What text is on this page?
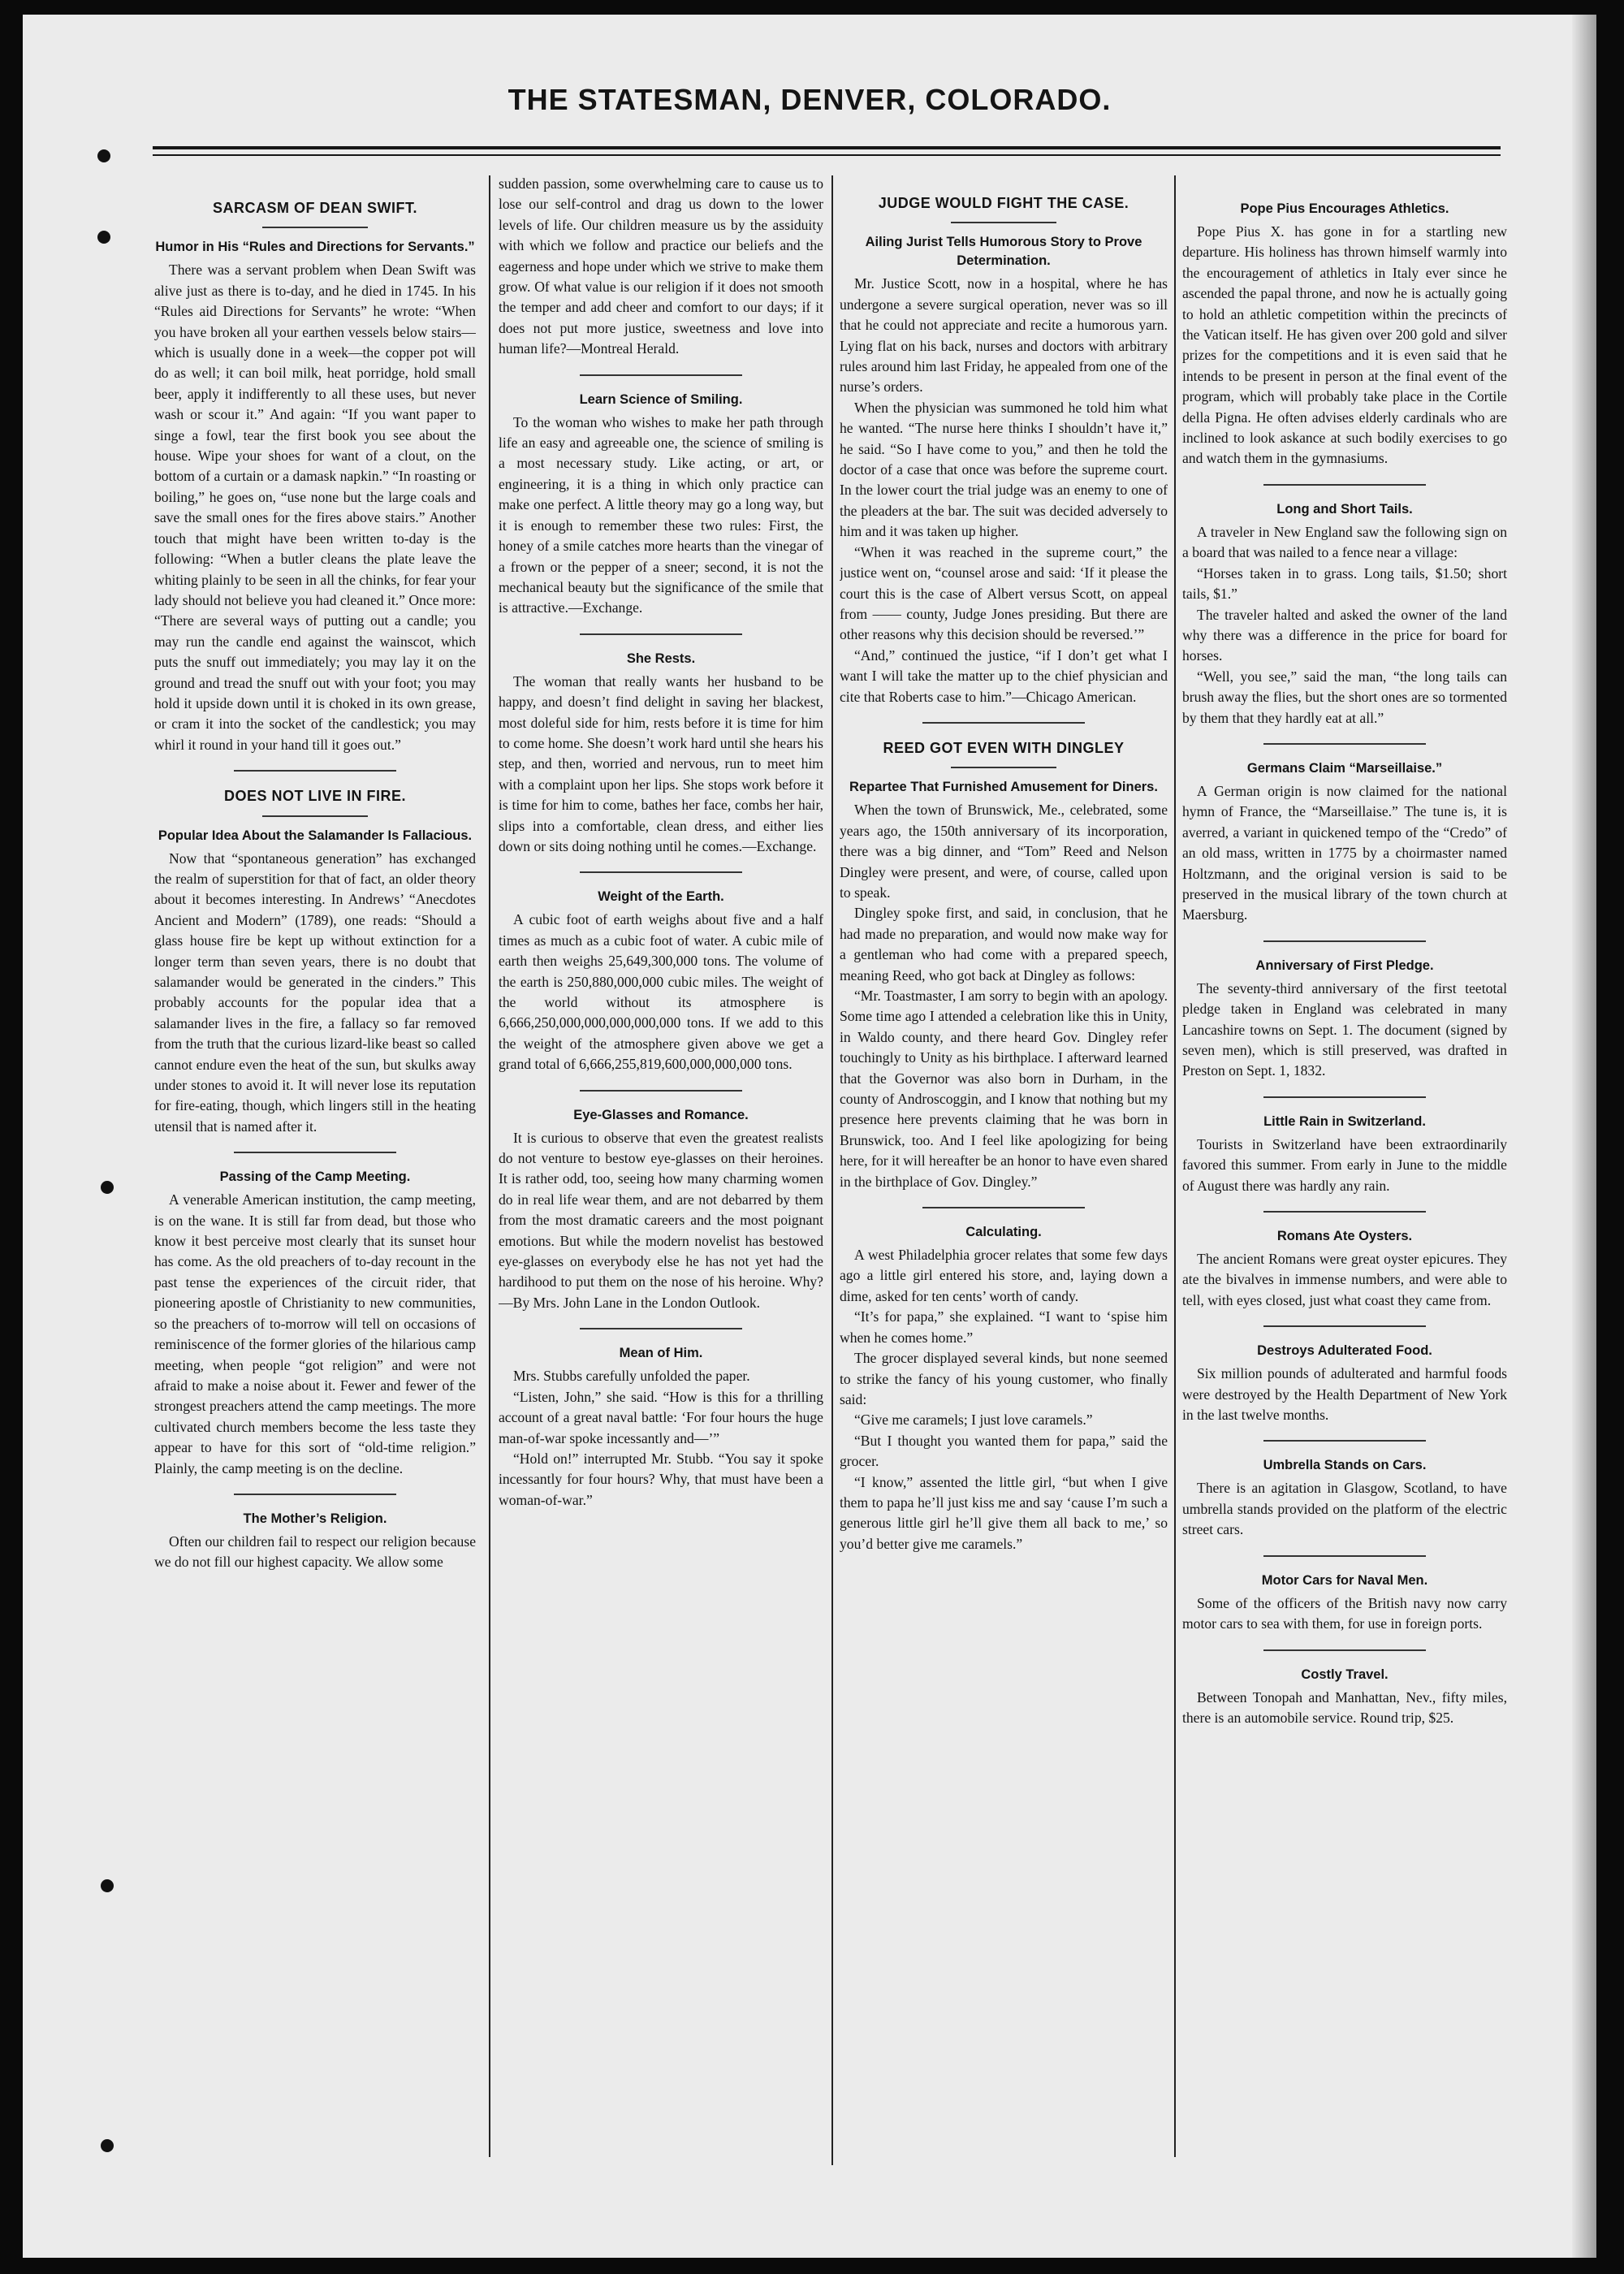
THE STATESMAN, DENVER, COLORADO.
SARCASM OF DEAN SWIFT.
Humor in His “Rules and Directions for Servants.”

There was a servant problem when Dean Swift was alive just as there is to-day, and he died in 1745. In his “Rules aid Directions for Servants” he wrote: “When you have broken all your earthen vessels below stairs—which is usually done in a week—the copper pot will do as well; it can boil milk, heat porridge, hold small beer, apply it indifferently to all these uses, but never wash or scour it.” And again: “If you want paper to singe a fowl, tear the first book you see about the house. Wipe your shoes for want of a clout, on the bottom of a curtain or a damask napkin.” “In roasting or boiling,” he goes on, “use none but the large coals and save the small ones for the fires above stairs.” Another touch that might have been written to-day is the following: “When a butler cleans the plate leave the whiting plainly to be seen in all the chinks, for fear your lady should not believe you had cleaned it.” Once more: “There are several ways of putting out a candle; you may run the candle end against the wainscot, which puts the snuff out immediately; you may lay it on the ground and tread the snuff out with your foot; you may hold it upside down until it is choked in its own grease, or cram it into the socket of the candlestick; you may whirl it round in your hand till it goes out.”

DOES NOT LIVE IN FIRE.
Popular Idea About the Salamander Is Fallacious.

Now that “spontaneous generation” has exchanged the realm of superstition for that of fact, an older theory about it becomes interesting. In Andrews’ “Anecdotes Ancient and Modern” (1789), one reads: “Should a glass house fire be kept up without extinction for a longer term than seven years, there is no doubt that salamander would be generated in the cinders.” This probably accounts for the popular idea that a salamander lives in the fire, a fallacy so far removed from the truth that the curious lizard-like beast so called cannot endure even the heat of the sun, but skulks away under stones to avoid it. It will never lose its reputation for fire-eating, though, which lingers still in the heating utensil that is named after it.

Passing of the Camp Meeting.

A venerable American institution, the camp meeting, is on the wane. It is still far from dead, but those who know it best perceive most clearly that its sunset hour has come. As the old preachers of to-day recount in the past tense the experiences of the circuit rider, that pioneering apostle of Christianity to new communities, so the preachers of to-morrow will tell on occasions of reminiscence of the former glories of the hilarious camp meeting, when people “got religion” and were not afraid to make a noise about it. Fewer and fewer of the strongest preachers attend the camp meetings. The more cultivated church members become the less taste they appear to have for this sort of “old-time religion.” Plainly, the camp meeting is on the decline.

The Mother’s Religion.

Often our children fail to respect our religion because we do not fill our highest capacity. We allow some

sudden passion, some overwhelming care to cause us to lose our self-control and drag us down to the lower levels of life. Our children measure us by the assiduity with which we follow and practice our beliefs and the eagerness and hope under which we strive to make them grow. Of what value is our religion if it does not smooth the temper and add cheer and comfort to our days; if it does not put more justice, sweetness and love into human life?—Montreal Herald.

Learn Science of Smiling.

To the woman who wishes to make her path through life an easy and agreeable one, the science of smiling is a most necessary study. Like acting, or art, or engineering, it is a thing in which only practice can make one perfect. A little theory may go a long way, but it is enough to remember these two rules: First, the honey of a smile catches more hearts than the vinegar of a frown or the pepper of a sneer; second, it is not the mechanical beauty but the significance of the smile that is attractive.—Exchange.

She Rests.

The woman that really wants her husband to be happy, and doesn’t find delight in saving her blackest, most doleful side for him, rests before it is time for him to come home. She doesn’t work hard until she hears his step, and then, worried and nervous, run to meet him with a complaint upon her lips. She stops work before it is time for him to come, bathes her face, combs her hair, slips into a comfortable, clean dress, and either lies down or sits doing nothing until he comes.—Exchange.

Weight of the Earth.

A cubic foot of earth weighs about five and a half times as much as a cubic foot of water. A cubic mile of earth then weighs 25,649,300,000 tons. The volume of the earth is 250,880,000,000 cubic miles. The weight of the world without its atmosphere is 6,666,250,000,000,000,000,000 tons. If we add to this the weight of the atmosphere given above we get a grand total of 6,666,255,819,600,000,000,000 tons.

Eye-Glasses and Romance.

It is curious to observe that even the greatest realists do not venture to bestow eye-glasses on their heroines. It is rather odd, too, seeing how many charming women do in real life wear them, and are not debarred by them from the most dramatic careers and the most poignant emotions. But while the modern novelist has bestowed eye-glasses on everybody else he has not yet had the hardihood to put them on the nose of his heroine. Why?—By Mrs. John Lane in the London Outlook.

Mean of Him.

Mrs. Stubbs carefully unfolded the paper.

“Listen, John,” she said. “How is this for a thrilling account of a great naval battle: ‘For four hours the huge man-of-war spoke incessantly and—’”

“Hold on!” interrupted Mr. Stubb. “You say it spoke incessantly for four hours? Why, that must have been a woman-of-war.”

JUDGE WOULD FIGHT THE CASE.
Ailing Jurist Tells Humorous Story to Prove Determination.

Mr. Justice Scott, now in a hospital, where he has undergone a severe surgical operation, never was so ill that he could not appreciate and recite a humorous yarn. Lying flat on his back, nurses and doctors with arbitrary rules around him last Friday, he appealed from one of the nurse’s orders.

When the physician was summoned he told him what he wanted. “The nurse here thinks I shouldn’t have it,” he said. “So I have come to you,” and then he told the doctor of a case that once was before the supreme court. In the lower court the trial judge was an enemy to one of the pleaders at the bar. The suit was decided adversely to him and it was taken up higher.

“When it was reached in the supreme court,” the justice went on, “counsel arose and said: ‘If it please the court this is the case of Albert versus Scott, on appeal from —— county, Judge Jones presiding. But there are other reasons why this decision should be reversed.’”

“And,” continued the justice, “if I don’t get what I want I will take the matter up to the chief physician and cite that Roberts case to him.”—Chicago American.

REED GOT EVEN WITH DINGLEY
Repartee That Furnished Amusement for Diners.

When the town of Brunswick, Me., celebrated, some years ago, the 150th anniversary of its incorporation, there was a big dinner, and “Tom” Reed and Nelson Dingley were present, and were, of course, called upon to speak.

Dingley spoke first, and said, in conclusion, that he had made no preparation, and would now make way for a gentleman who had come with a prepared speech, meaning Reed, who got back at Dingley as follows:

“Mr. Toastmaster, I am sorry to begin with an apology. Some time ago I attended a celebration like this in Unity, in Waldo county, and there heard Gov. Dingley refer touchingly to Unity as his birthplace. I afterward learned that the Governor was also born in Durham, in the county of Androscoggin, and I know that nothing but my presence here prevents claiming that he was born in Brunswick, too. And I feel like apologizing for being here, for it will hereafter be an honor to have even shared in the birthplace of Gov. Dingley.”

Calculating.

A west Philadelphia grocer relates that some few days ago a little girl entered his store, and, laying down a dime, asked for ten cents’ worth of candy.

“It’s for papa,” she explained. “I want to ‘spise him when he comes home.”

The grocer displayed several kinds, but none seemed to strike the fancy of his young customer, who finally said:

“Give me caramels; I just love caramels.”

“But I thought you wanted them for papa,” said the grocer.

“I know,” assented the little girl, “but when I give them to papa he’ll just kiss me and say ‘cause I’m such a generous little girl he’ll give them all back to me,’ so you’d better give me caramels.”

Pope Pius Encourages Athletics.

Pope Pius X. has gone in for a startling new departure. His holiness has thrown himself warmly into the encouragement of athletics in Italy ever since he ascended the papal throne, and now he is actually going to hold an athletic competition within the precincts of the Vatican itself. He has given over 200 gold and silver prizes for the competitions and it is even said that he intends to be present in person at the final event of the program, which will probably take place in the Cortile della Pigna. He often advises elderly cardinals who are inclined to look askance at such bodily exercises to go and watch them in the gymnasiums.

Long and Short Tails.

A traveler in New England saw the following sign on a board that was nailed to a fence near a village:

“Horses taken in to grass. Long tails, $1.50; short tails, $1.”

The traveler halted and asked the owner of the land why there was a difference in the price for board for horses.

“Well, you see,” said the man, “the long tails can brush away the flies, but the short ones are so tormented by them that they hardly eat at all.”

Germans Claim “Marseillaise.”

A German origin is now claimed for the national hymn of France, the “Marseillaise.” The tune is, it is averred, a variant in quickened tempo of the “Credo” of an old mass, written in 1775 by a choirmaster named Holtzmann, and the original version is said to be preserved in the musical library of the town church at Maersburg.

Anniversary of First Pledge.

The seventy-third anniversary of the first teetotal pledge taken in England was celebrated in many Lancashire towns on Sept. 1. The document (signed by seven men), which is still preserved, was drafted in Preston on Sept. 1, 1832.

Little Rain in Switzerland.

Tourists in Switzerland have been extraordinarily favored this summer. From early in June to the middle of August there was hardly any rain.

Romans Ate Oysters.

The ancient Romans were great oyster epicures. They ate the bivalves in immense numbers, and were able to tell, with eyes closed, just what coast they came from.

Destroys Adulterated Food.

Six million pounds of adulterated and harmful foods were destroyed by the Health Department of New York in the last twelve months.

Umbrella Stands on Cars.

There is an agitation in Glasgow, Scotland, to have umbrella stands provided on the platform of the electric street cars.

Motor Cars for Naval Men.

Some of the officers of the British navy now carry motor cars to sea with them, for use in foreign ports.

Costly Travel.

Between Tonopah and Manhattan, Nev., fifty miles, there is an automobile service. Round trip, $25.
